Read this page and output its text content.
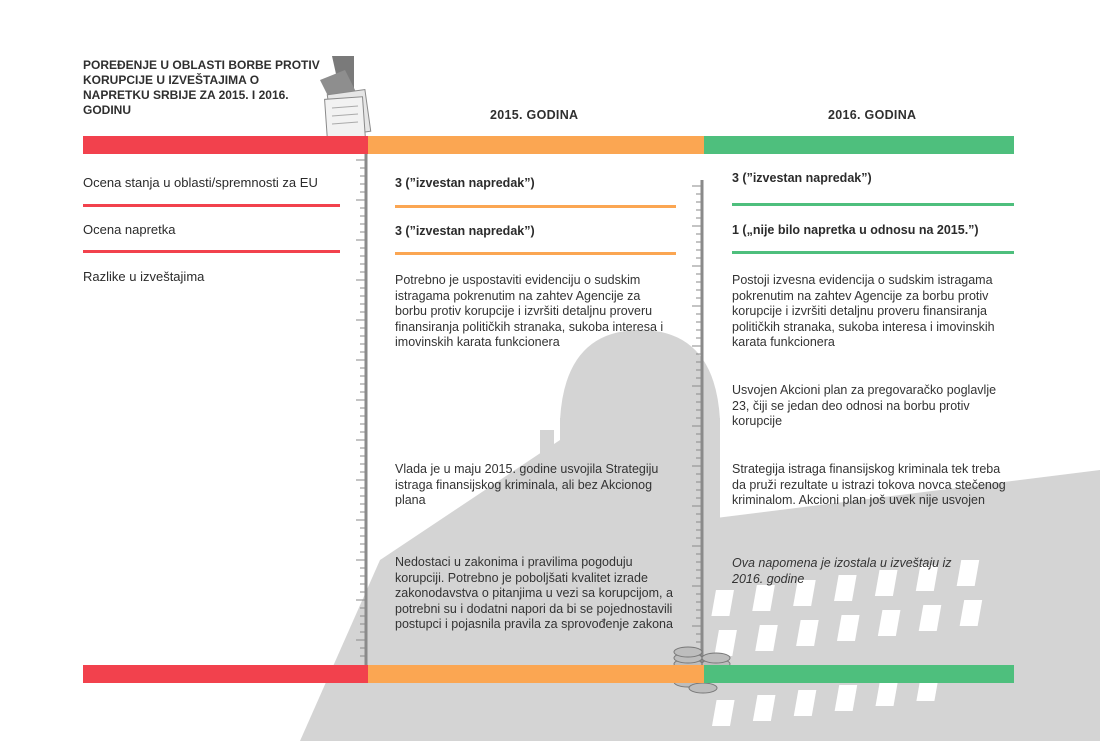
POREĐENJE U OBLASTI BORBE PROTIV KORUPCIJE U IZVEŠTAJIMA O NAPRETKU SRBIJE ZA 2015. I 2016. GODINU	2015. GODINA	2016. GODINA
Ocena stanja u oblasti/spremnosti za EU
Ocena napretka
Razlike u izveštajima
3 (”izvestan napredak”)
3 (”izvestan napredak”)

Potrebno je uspostaviti evidenciju o sudskim istragama pokrenutim na zahtev Agencije za borbu protiv korupcije i izvršiti detaljnu proveru finansiranja političkih stranaka, sukoba interesa i imovinskih karata funkcionera

Vlada je u maju 2015. godine usvojila Strategiju istraga finansijskog kriminala, ali bez Akcionog plana

Nedostaci u zakonima i pravilima pogoduju korupciji. Potrebno je poboljšati kvalitet izrade zakonodavstva o pitanjima u vezi sa korupcijom, a potrebni su i dodatni napori da bi se pojednostavili postupci i pojasnila pravila za sprovođenje zakona

3 (”izvestan napredak”)
1 („nije bilo napretka u odnosu na 2015.”)

Postoji izvesna evidencija o sudskim istragama pokrenutim na zahtev Agencije za borbu protiv korupcije i izvršiti detaljnu proveru finansiranja političkih stranaka, sukoba interesa i imovinskih karata funkcionera

Usvojen Akcioni plan za pregovaračko poglavlje 23, čiji se jedan deo odnosi na borbu protiv korupcije

Strategija istraga finansijskog kriminala tek treba da pruži rezultate u istrazi tokova novca stečenog kriminalom. Akcioni plan još uvek nije usvojen

Ova napomena je izostala u izveštaju iz 2016. godine
